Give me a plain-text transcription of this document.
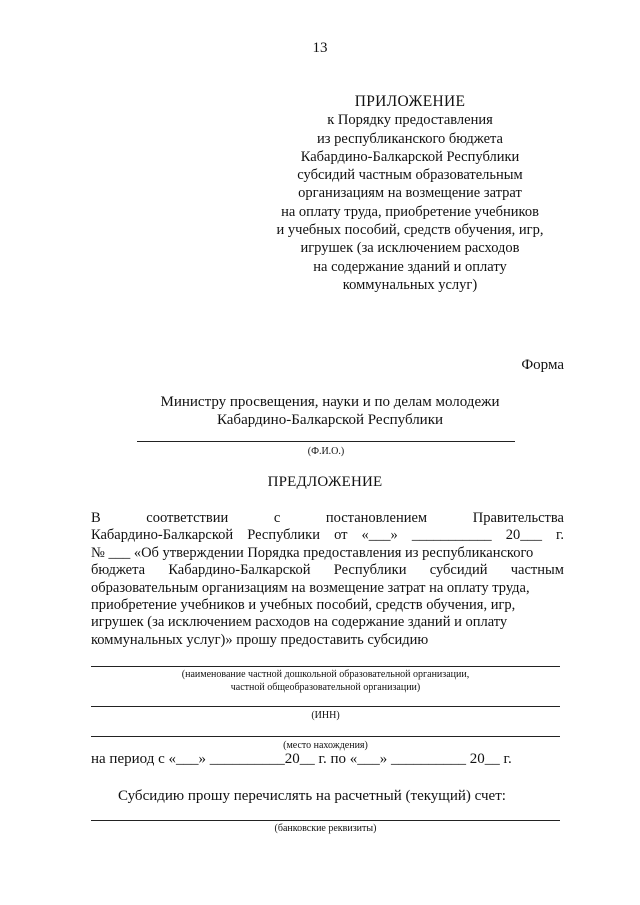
13
ПРИЛОЖЕНИЕ
к Порядку предоставления
из республиканского бюджета
Кабардино-Балкарской Республики
субсидий частным образовательным
организациям на возмещение затрат
на оплату труда, приобретение учебников
и учебных пособий, средств обучения, игр,
игрушек (за исключением расходов
на содержание зданий и оплату
коммунальных услуг)
Форма
Министру просвещения, науки и по делам молодежи
Кабардино-Балкарской Республики
(Ф.И.О.)
ПРЕДЛОЖЕНИЕ
В	соответствии	с	постановлением	Правительства
Кабардино-Балкарской Республики от «___» ___________ 20___ г.
№ ___ «Об утверждении Порядка предоставления из республиканского
бюджета Кабардино-Балкарской Республики субсидий частным
образовательным организациям на возмещение затрат на оплату труда,
приобретение учебников и учебных пособий, средств обучения, игр,
игрушек (за исключением расходов на содержание зданий и оплату
коммунальных услуг)» прошу предоставить субсидию
(наименование частной дошкольной образовательной организации,
частной общеобразовательной организации)
(ИНН)
(место нахождения)
на период с «___» __________20__ г. по «___» __________ 20__ г.
Субсидию прошу перечислять на расчетный (текущий) счет:
(банковские реквизиты)
